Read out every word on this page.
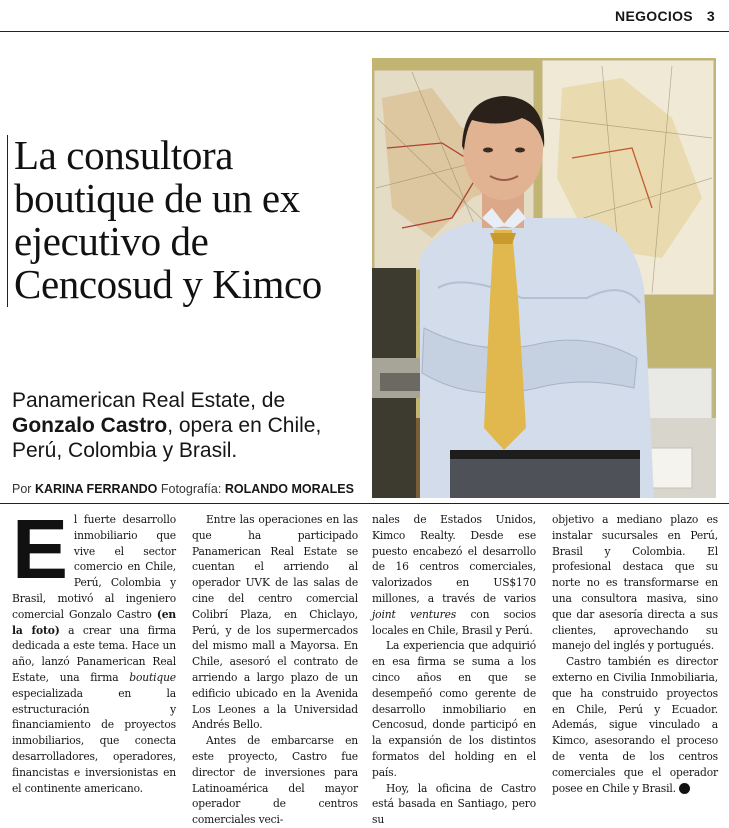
NEGOCIOS 3
La consultora boutique de un ex ejecutivo de Cencosud y Kimco

Panamerican Real Estate, de
Gonzalo Castro, opera en Chile, Perú, Colombia y Brasil.

Por KARINA FERRANDO Fotografía: ROLANDO MORALES

El fuerte desarrollo inmobiliario que vive el sector comercio en Chile, Perú, Colombia y Brasil, motivó al ingeniero comercial Gonzalo Castro (en la foto) a crear una firma dedicada a este tema. Hace un año, lanzó Panamerican Real Estate, una firma boutique especializada en la estructuración y financiamiento de proyectos inmobiliarios, que conecta desarrolladores, operadores, financistas e inversionistas en el continente americano.

Entre las operaciones en las que ha participado Panamerican Real Estate se cuentan el arriendo al operador UVK de las salas de cine del centro comercial Colibrí Plaza, en Chiclayo, Perú, y de los supermercados del mismo mall a Mayorsa. En Chile, asesoró el contrato de arriendo a largo plazo de un edificio ubicado en la Avenida Los Leones a la Universidad Andrés Bello.

Antes de embarcarse en este proyecto, Castro fue director de inversiones para Latinoamérica del mayor operador de centros comerciales veci-

nales de Estados Unidos, Kimco Realty. Desde ese puesto encabezó el desarrollo de 16 centros comerciales, valorizados en US$170 millones, a través de varios joint ventures con socios locales en Chile, Brasil y Perú.

La experiencia que adquirió en esa firma se suma a los cinco años en que se desempeñó como gerente de desarrollo inmobiliario en Cencosud, donde participó en la expansión de los distintos formatos del holding en el país.

Hoy, la oficina de Castro está basada en Santiago, pero su

objetivo a mediano plazo es instalar sucursales en Perú, Brasil y Colombia. El profesional destaca que su norte no es transformarse en una consultora masiva, sino que dar asesoría directa a sus clientes, aprovechando su manejo del inglés y portugués.

Castro también es director externo en Civilia Inmobiliaria, que ha construido proyectos en Chile, Perú y Ecuador. Además, sigue vinculado a Kimco, asesorando el proceso de venta de los centros comerciales que el operador posee en Chile y Brasil. N
